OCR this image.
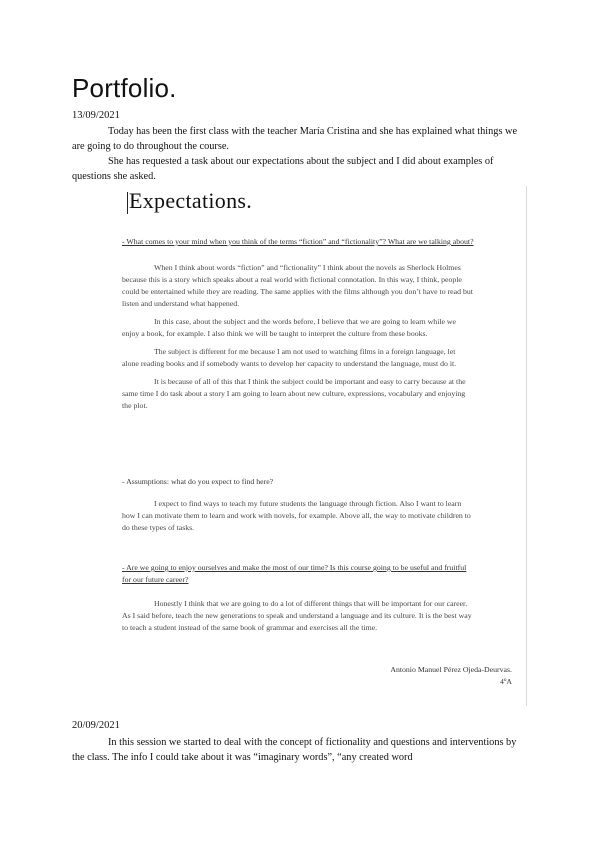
Portfolio.
13/09/2021

Today has been the first class with the teacher María Cristina and she has explained what things we are going to do throughout the course.

She has requested a task about our expectations about the subject and I did about examples of questions she asked.

Expectations.
- What comes to your mind when you think of the terms “fiction” and “fictionality”? What are we talking about?

When I think about words “fiction” and “fictionality” I think about the novels as Sherlock Holmes because this is a story which speaks about a real world with fictional connotation. In this way, I think, people could be entertained while they are reading. The same applies with the films although you don’t have to read but listen and understand what happened.

In this case, about the subject and the words before, I believe that we are going to learn while we enjoy a book, for example. I also think we will be taught to interpret the culture from these books.

The subject is different for me because I am not used to watching films in a foreign language, let alone reading books and if somebody wants to develop her capacity to understand the language, must do it.

It is because of all of this that I think the subject could be important and easy to carry because at the same time I do task about a story I am going to learn about new culture, expressions, vocabulary and enjoying the plot.

- Assumptions: what do you expect to find here?

I expect to find ways to teach my future students the language through fiction. Also I want to learn how I can motivate them to learn and work with novels, for example. Above all, the way to motivate children to do these types of tasks.

- Are we going to enjoy ourselves and make the most of our time? Is this course going to be useful and fruitful for our future career?

Honestly I think that we are going to do a lot of different things that will be important for our career. As I said before, teach the new generations to speak and understand a language and its culture. It is the best way to teach a student instead of the same book of grammar and exercises all the time.

Antonio Manuel Pérez Ojeda-Deurvas.
4ºA
20/09/2021

In this session we started to deal with the concept of fictionality and questions and interventions by the class. The info I could take about it was “imaginary words”, “any created word
